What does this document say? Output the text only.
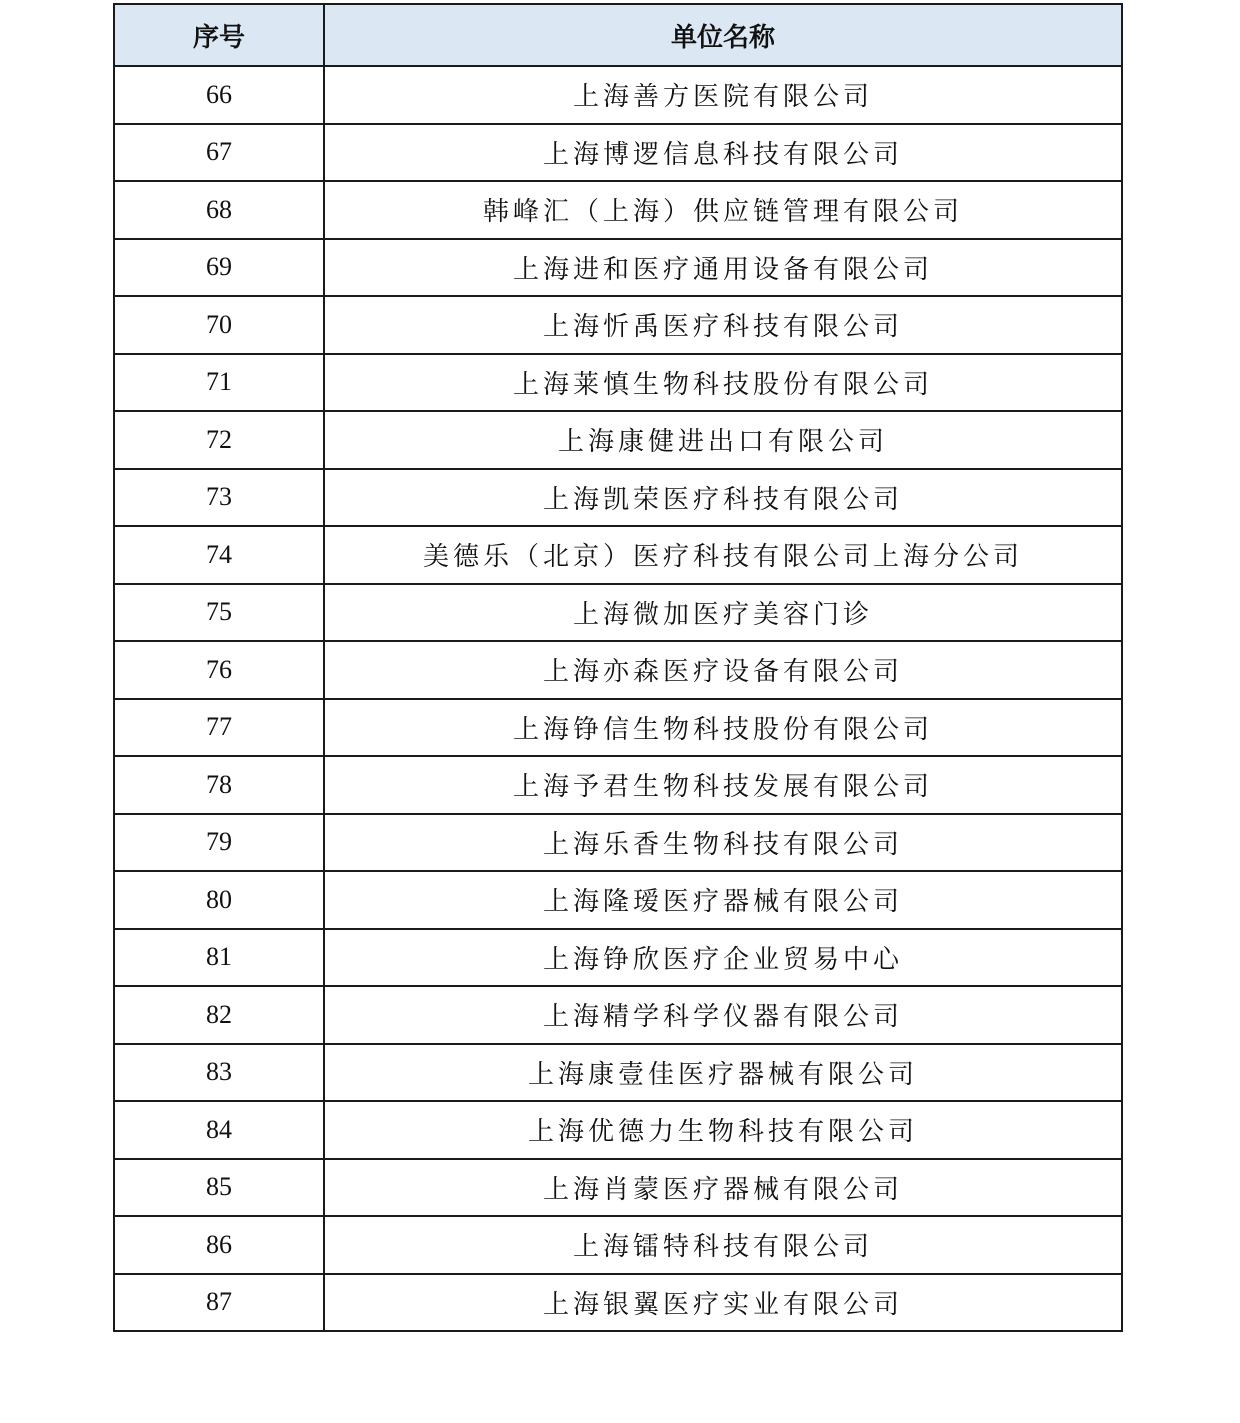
序号	单位名称
66	上海善方医院有限公司
67	上海博逻信息科技有限公司
68	韩峰汇（上海）供应链管理有限公司
69	上海进和医疗通用设备有限公司
70	上海忻禹医疗科技有限公司
71	上海莱慎生物科技股份有限公司
72	上海康健进出口有限公司
73	上海凯荣医疗科技有限公司
74	美德乐（北京）医疗科技有限公司上海分公司
75	上海微加医疗美容门诊
76	上海亦森医疗设备有限公司
77	上海铮信生物科技股份有限公司
78	上海予君生物科技发展有限公司
79	上海乐香生物科技有限公司
80	上海隆瑷医疗器械有限公司
81	上海铮欣医疗企业贸易中心
82	上海精学科学仪器有限公司
83	上海康壹佳医疗器械有限公司
84	上海优德力生物科技有限公司
85	上海肖蒙医疗器械有限公司
86	上海镭特科技有限公司
87	上海银翼医疗实业有限公司
